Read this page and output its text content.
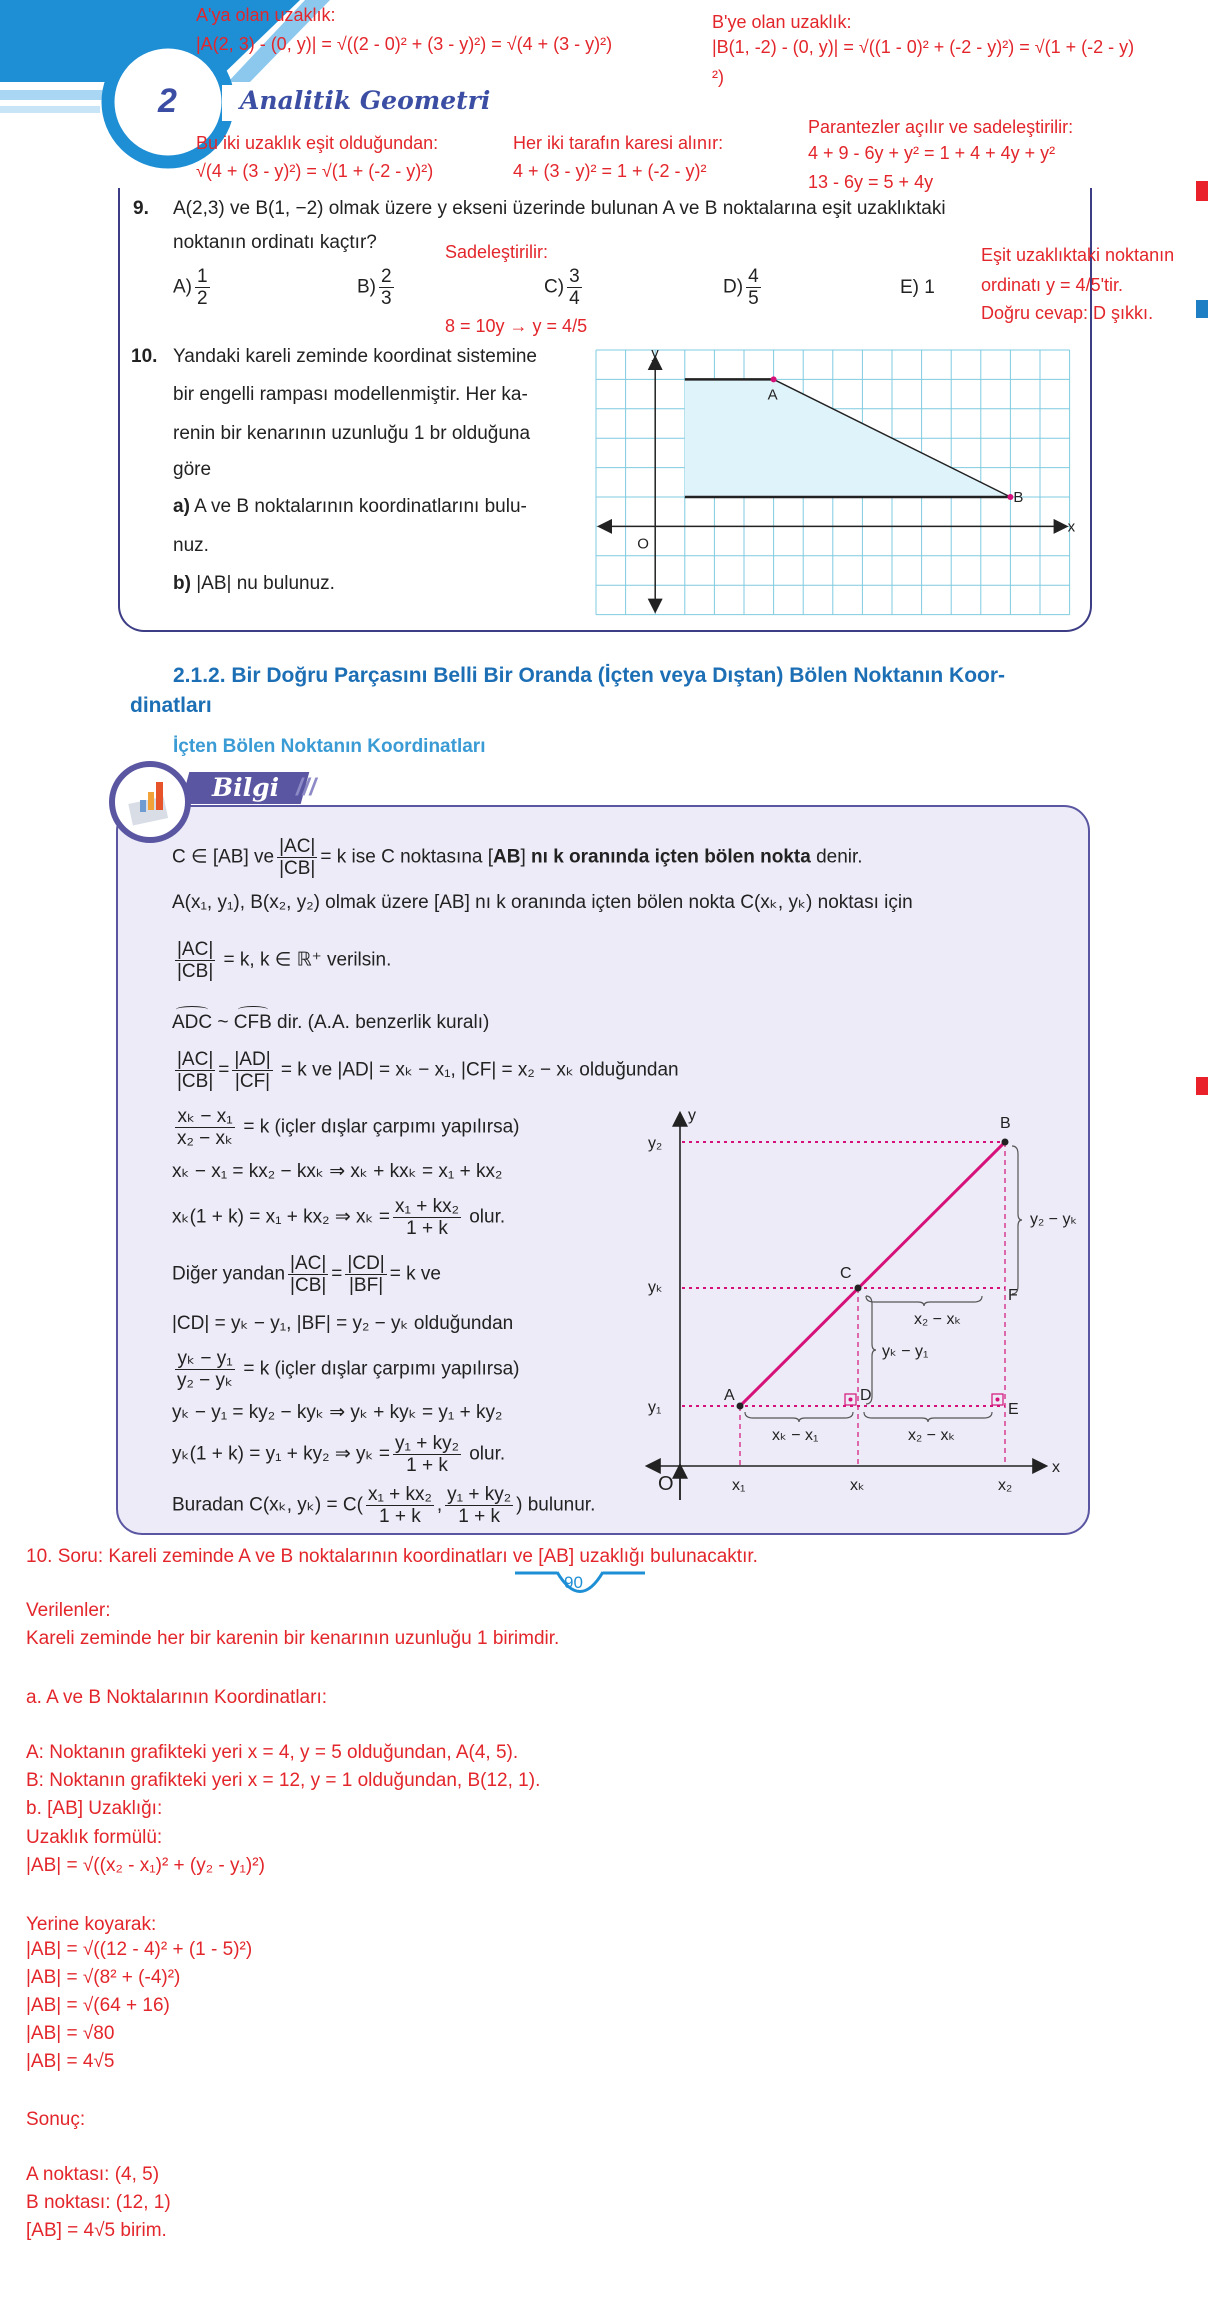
2	Analitik Geometri
A'ya olan uzaklık:
|A(2, 3) - (0, y)| = √((2 - 0)² + (3 - y)²) = √(4 + (3 - y)²)
B'ye olan uzaklık:
|B(1, -2) - (0, y)| = √((1 - 0)² + (-2 - y)²) = √(1 + (-2 - y)
²)
Bu iki uzaklık eşit olduğundan:
√(4 + (3 - y)²) = √(1 + (-2 - y)²)
Her iki tarafın karesi alınır:
4 + (3 - y)² = 1 + (-2 - y)²
Parantezler açılır ve sadeleştirilir:
4 + 9 - 6y + y² = 1 + 4 + 4y + y²
13 - 6y = 5 + 4y
9. A(2,3) ve B(1, −2) olmak üzere y ekseni üzerinde bulunan A ve B noktalarına eşit uzaklıktaki
noktanın ordinatı kaçtır?
$A) \frac{1}{2}$	$B) \frac{2}{3}$	$C) \frac{3}{4}$	$D) \frac{4}{5}$	E) 1
Sadeleştirilir:
8 = 10y → y = 4/5
Eşit uzaklıktaki noktanın
ordinatı y = 4/5'tir.
Doğru cevap: D şıkkı.
10. Yandaki kareli zeminde koordinat sistemine
bir engelli rampası modellenmiştir. Her ka-
renin bir kenarının uzunluğu 1 br olduğuna
göre
a) A ve B noktalarının koordinatlarını bulu-
nuz.
b) |AB| nu bulunuz.
y
x
O
A
B
2.1.2. Bir Doğru Parçasını Belli Bir Oranda (İçten veya Dıştan) Bölen Noktanın Koor-
dinatları
İçten Bölen Noktanın Koordinatları
Bilgi ///
C ∈ [AB] ve $\frac{|AC|}{|CB|} = k$ ise C noktasına [AB] nı k oranında içten bölen nokta denir.
A(x₁, y₁), B(x₂, y₂) olmak üzere [AB] nı k oranında içten bölen nokta C(xₖ, yₖ) noktası için
$\frac{|AC|}{|CB|} = k$, k ∈ ℝ⁺ verilsin.
ADC ~ CFB dir. (A.A. benzerlik kuralı)
$\frac{|AC|}{|CB|} = \frac{|AD|}{|CF|} = k$ ve |AD| = xₖ − x₁, |CF| = x₂ − xₖ olduğundan
$\frac{\text{xₖ − x₁}}{\text{x₂ − xₖ}} = k$ (içler dışlar çarpımı yapılırsa)
xₖ − x₁ = kx₂ − kxₖ ⇒ xₖ + kxₖ = x₁ + kx₂
xₖ(1 + k) = x₁ + kx₂ ⇒ $x_k = \frac{\text{x₁ + kx₂}}{1 + k}$ olur.
Diğer yandan $\frac{|AC|}{|CB|} = \frac{|CD|}{|BF|} = k$ ve
|CD| = yₖ − y₁, |BF| = y₂ − yₖ olduğundan
$\frac{\text{yₖ − y₁}}{\text{y₂ − yₖ}} = k$ (içler dışlar çarpımı yapılırsa)
yₖ − y₁ = ky₂ − kyₖ ⇒ yₖ + kyₖ = y₁ + ky₂
yₖ(1 + k) = y₁ + ky₂ ⇒ $y_k = \frac{\text{y₁ + ky₂}}{1 + k}$ olur.
Buradan C(xₖ, $y_k) = C( \frac{\text{x₁ + kx₂}}{1 + k}$ , $\frac{\text{y₁ + ky₂}}{1 + k}$ ) bulunur.
y
x
O
B
C
A	D
E
F
y₂
yₖ
y₁
x₁	xₖ	x₂
y₂ − yₖ
x₂ − xₖ
yₖ − y₁
xₖ − x₁	x₂ − xₖ
90
10. Soru: Kareli zeminde A ve B noktalarının koordinatları ve [AB] uzaklığı bulunacaktır.
Verilenler:
Kareli zeminde her bir karenin bir kenarının uzunluğu 1 birimdir.
a. A ve B Noktalarının Koordinatları:
A: Noktanın grafikteki yeri x = 4, y = 5 olduğundan, A(4, 5).
B: Noktanın grafikteki yeri x = 12, y = 1 olduğundan, B(12, 1).
b. [AB] Uzaklığı:
Uzaklık formülü:
|AB| = √((x₂ - x₁)² + (y₂ - y₁)²)
Yerine koyarak:
|AB| = √((12 - 4)² + (1 - 5)²)
|AB| = √(8² + (-4)²)
|AB| = √(64 + 16)
|AB| = √80
|AB| = 4√5
Sonuç:
A noktası: (4, 5)
B noktası: (12, 1)
[AB] = 4√5 birim.
